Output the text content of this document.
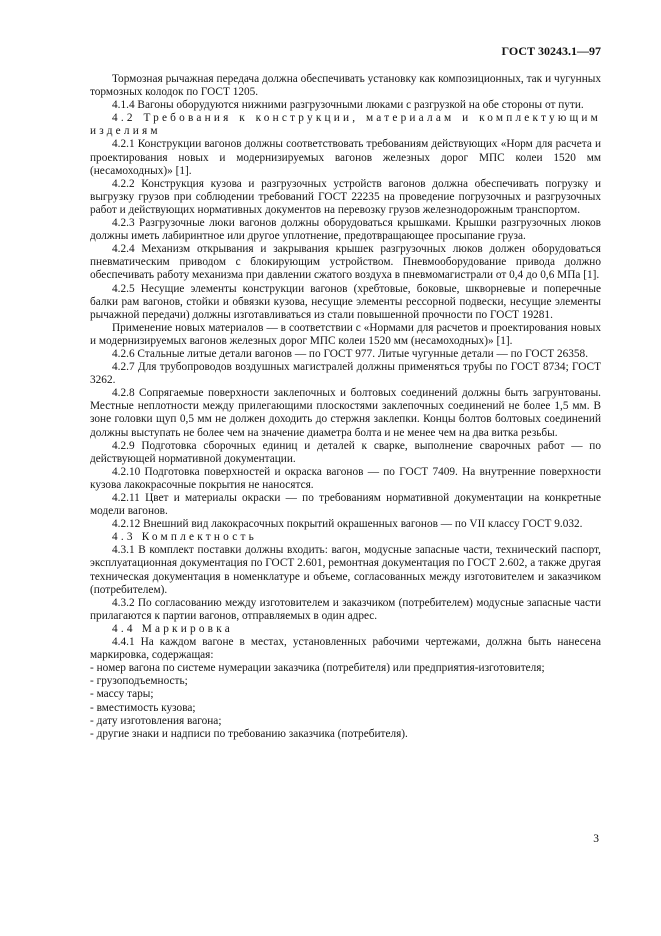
ГОСТ 30243.1—97

Тормозная рычажная передача должна обеспечивать установку как композиционных, так и чугунных тормозных колодок по ГОСТ 1205.

4.1.4 Вагоны оборудуются нижними разгрузочными люками с разгрузкой на обе стороны от пути.

4.2 Требования к конструкции, материалам и комплектующим изделиям

4.2.1 Конструкции вагонов должны соответствовать требованиям действующих «Норм для расчета и проектирования новых и модернизируемых вагонов железных дорог МПС колеи 1520 мм (несамоходных)» [1].

4.2.2 Конструкция кузова и разгрузочных устройств вагонов должна обеспечивать погрузку и выгрузку грузов при соблюдении требований ГОСТ 22235 на проведение погрузочных и разгрузочных работ и действующих нормативных документов на перевозку грузов железнодорожным транспортом.

4.2.3 Разгрузочные люки вагонов должны оборудоваться крышками. Крышки разгрузочных люков должны иметь лабиринтное или другое уплотнение, предотвращающее просыпание груза.

4.2.4 Механизм открывания и закрывания крышек разгрузочных люков должен оборудоваться пневматическим приводом с блокирующим устройством. Пневмооборудование привода должно обеспечивать работу механизма при давлении сжатого воздуха в пневмомагистрали от 0,4 до 0,6 МПа [1].

4.2.5 Несущие элементы конструкции вагонов (хребтовые, боковые, шкворневые и поперечные балки рам вагонов, стойки и обвязки кузова, несущие элементы рессорной подвески, несущие элементы рычажной передачи) должны изготавливаться из стали повышенной прочности по ГОСТ 19281.

Применение новых материалов — в соответствии с «Нормами для расчетов и проектирования новых и модернизируемых вагонов железных дорог МПС колеи 1520 мм (несамоходных)» [1].

4.2.6 Стальные литые детали вагонов — по ГОСТ 977. Литые чугунные детали — по ГОСТ 26358.

4.2.7 Для трубопроводов воздушных магистралей должны применяться трубы по ГОСТ 8734; ГОСТ 3262.

4.2.8 Сопрягаемые поверхности заклепочных и болтовых соединений должны быть загрунтованы. Местные неплотности между прилегающими плоскостями заклепочных соединений не более 1,5 мм. В зоне головки щуп 0,5 мм не должен доходить до стержня заклепки. Концы болтов болтовых соединений должны выступать не более чем на значение диаметра болта и не менее чем на два витка резьбы.

4.2.9 Подготовка сборочных единиц и деталей к сварке, выполнение сварочных работ — по действующей нормативной документации.

4.2.10 Подготовка поверхностей и окраска вагонов — по ГОСТ 7409. На внутренние поверхности кузова лакокрасочные покрытия не наносятся.

4.2.11 Цвет и материалы окраски — по требованиям нормативной документации на конкретные модели вагонов.

4.2.12 Внешний вид лакокрасочных покрытий окрашенных вагонов — по VII классу ГОСТ 9.032.

4.3 Комплектность

4.3.1 В комплект поставки должны входить: вагон, модусные запасные части, технический паспорт, эксплуатационная документация по ГОСТ 2.601, ремонтная документация по ГОСТ 2.602, а также другая техническая документация в номенклатуре и объеме, согласованных между изготовителем и заказчиком (потребителем).

4.3.2 По согласованию между изготовителем и заказчиком (потребителем) модусные запасные части прилагаются к партии вагонов, отправляемых в один адрес.

4.4 Маркировка

4.4.1 На каждом вагоне в местах, установленных рабочими чертежами, должна быть нанесена маркировка, содержащая:

- номер вагона по системе нумерации заказчика (потребителя) или предприятия-изготовителя;

- грузоподъемность;

- массу тары;

- вместимость кузова;

- дату изготовления вагона;

- другие знаки и надписи по требованию заказчика (потребителя).

3
